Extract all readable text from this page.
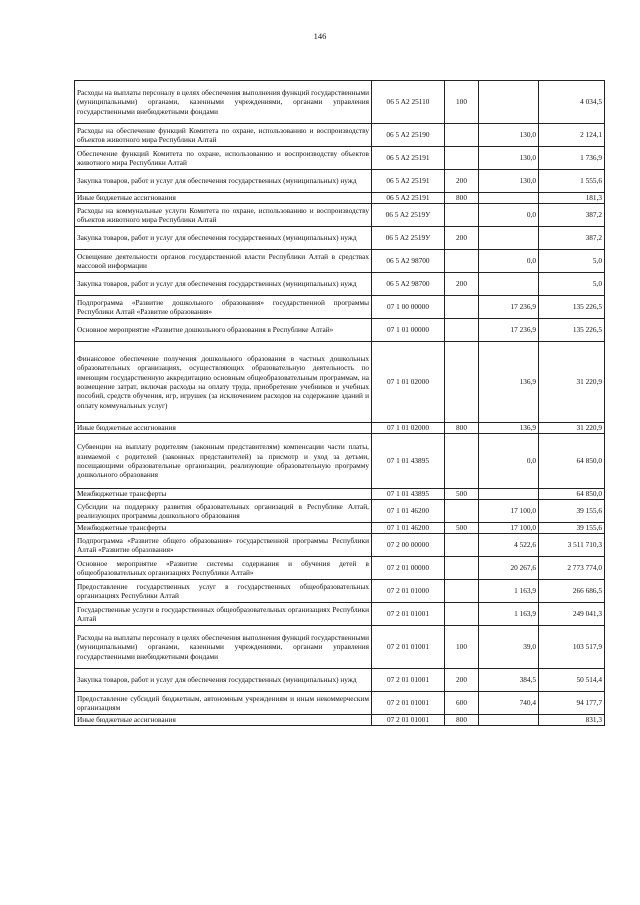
146
Расходы на выплаты персоналу в целях обеспечения выполнения функций государственными (муниципальными) органами, казенными учреждениями, органами управления государственными внебюджетными фондами	06 5 A2 25110	100		4 034,5
Расходы на обеспечение функций Комитета по охране, использованию и воспроизводству объектов животного мира Республики Алтай	06 5 A2 25190		130,0	2 124,1
Обеспечение функций Комитета по охране, использованию и воспроизводству объектов животного мира Республики Алтай	06 5 A2 25191		130,0	1 736,9
Закупка товаров, работ и услуг для обеспечения государственных (муниципальных) нужд	06 5 A2 25191	200	130,0	1 555,6
Иные бюджетные ассигнования	06 5 A2 25191	800		181,3
Расходы на коммунальные услуги Комитета по охране, использованию и воспроизводству объектов животного мира Республики Алтай	06 5 A2 2519У		0,0	387,2
Закупка товаров, работ и услуг для обеспечения государственных (муниципальных) нужд	06 5 A2 2519У	200		387,2
Освещение деятельности органов государственной власти Республики Алтай в средствах массовой информации	06 5 A2 98700		0,0	5,0
Закупка товаров, работ и услуг для обеспечения государственных (муниципальных) нужд	06 5 A2 98700	200		5,0
Подпрограмма «Развитие дошкольного образования» государственной программы Республики Алтай «Развитие образования»	07 1 00 00000		17 236,9	135 226,5
Основное мероприятие «Развитие дошкольного образования в Республике Алтай»	07 1 01 00000		17 236,9	135 226,5
Финансовое обеспечение получения дошкольного образования в частных дошкольных образовательных организациях, осуществляющих образовательную деятельность по имеющим государственную аккредитацию основным общеобразовательным программам, на возмещение затрат, включая расходы на оплату труда, приобретение учебников и учебных пособий, средств обучения, игр, игрушек (за исключением расходов на содержание зданий и оплату коммунальных услуг)	07 1 01 02000		136,9	31 220,9
Иные бюджетные ассигнования	07 1 01 02000	800	136,9	31 220,9
Субвенции на выплату родителям (законным представителям) компенсации части платы, взимаемой с родителей (законных представителей) за присмотр и уход за детьми, посещающими образовательные организации, реализующие образовательную программу дошкольного образования	07 1 01 43895		0,0	64 850,0
Межбюджетные трансферты	07 1 01 43895	500		64 850,0
Субсидии на поддержку развития образовательных организаций в Республике Алтай, реализующих программы дошкольного образования	07 1 01 46200		17 100,0	39 155,6
Межбюджетные трансферты	07 1 01 46200	500	17 100,0	39 155,6
Подпрограмма «Развитие общего образования» государственной программы Республики Алтай «Развитие образования»	07 2 00 00000		4 522,6	3 511 710,3
Основное мероприятие «Развитие системы содержания и обучения детей в общеобразовательных организациях Республики Алтай»	07 2 01 00000		20 267,6	2 773 774,0
Предоставление государственных услуг в государственных общеобразовательных организациях Республики Алтай	07 2 01 01000		1 163,9	266 686,5
Государственные услуги в государственных общеобразовательных организациях Республики Алтай	07 2 01 01001		1 163,9	249 041,3
Расходы на выплаты персоналу в целях обеспечения выполнения функций государственными (муниципальными) органами, казенными учреждениями, органами управления государственными внебюджетными фондами	07 2 01 01001	100	39,0	103 517,9
Закупка товаров, работ и услуг для обеспечения государственных (муниципальных) нужд	07 2 01 01001	200	384,5	50 514,4
Предоставление субсидий бюджетным, автономным учреждениям и иным некоммерческим организациям	07 2 01 01001	600	740,4	94 177,7
Иные бюджетные ассигнования	07 2 01 01001	800		831,3
